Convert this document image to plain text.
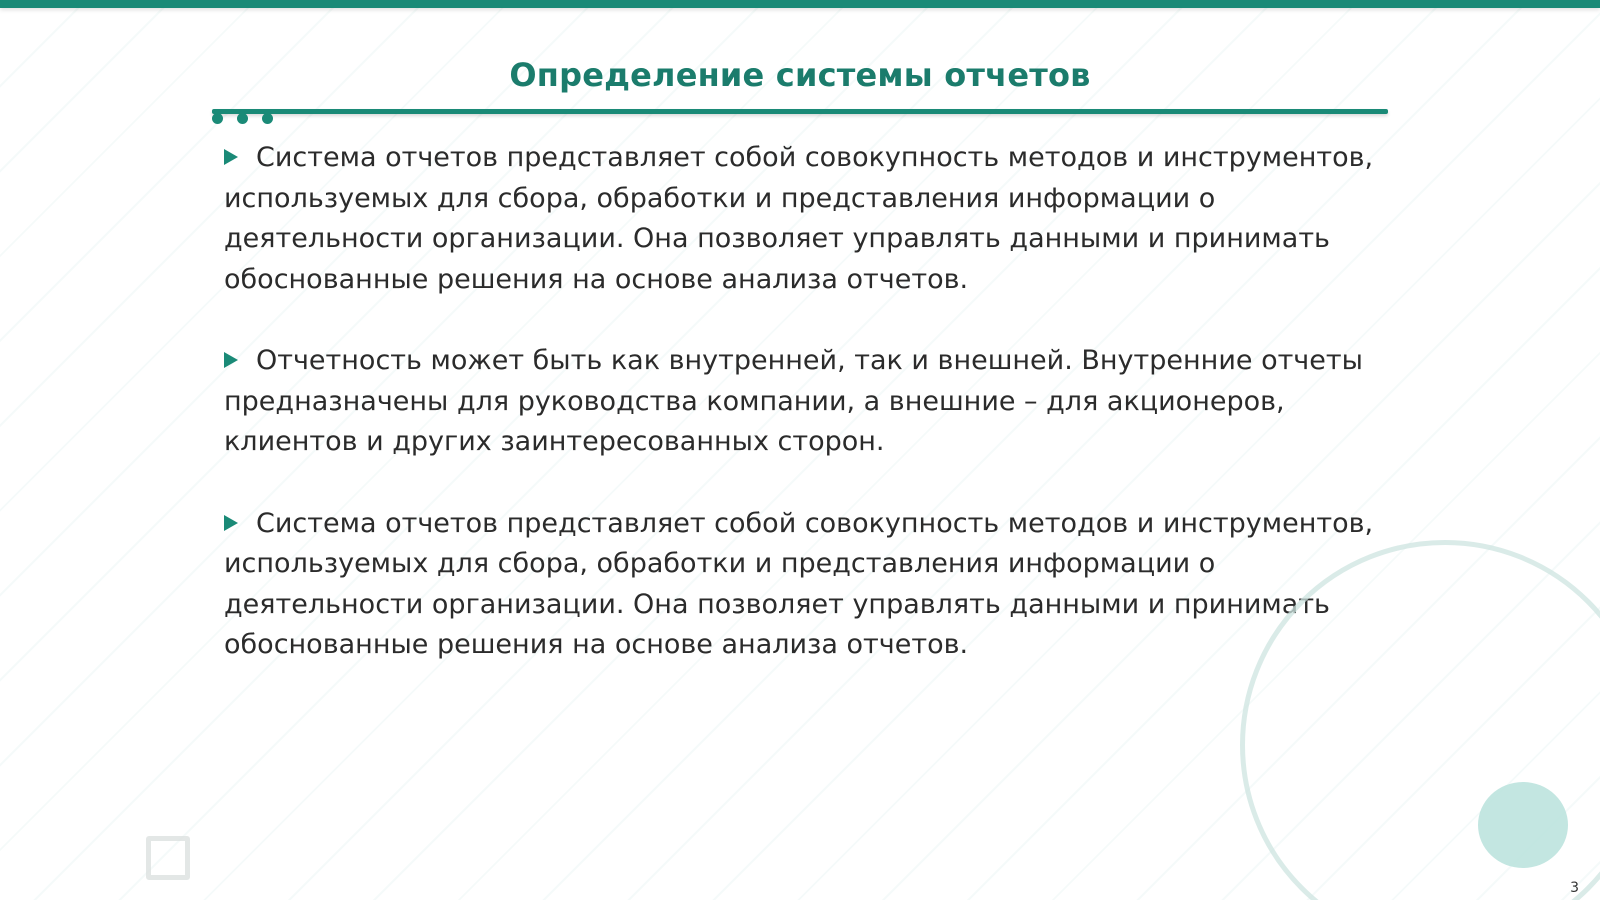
Определение системы отчетов

Система отчетов представляет собой совокупность методов и инструментов, используемых для сбора, обработки и представления информации о деятельности организации. Она позволяет управлять данными и принимать обоснованные решения на основе анализа отчетов.

Отчетность может быть как внутренней, так и внешней. Внутренние отчеты предназначены для руководства компании, а внешние – для акционеров, клиентов и других заинтересованных сторон.

Система отчетов представляет собой совокупность методов и инструментов, используемых для сбора, обработки и представления информации о деятельности организации. Она позволяет управлять данными и принимать обоснованные решения на основе анализа отчетов.

3
